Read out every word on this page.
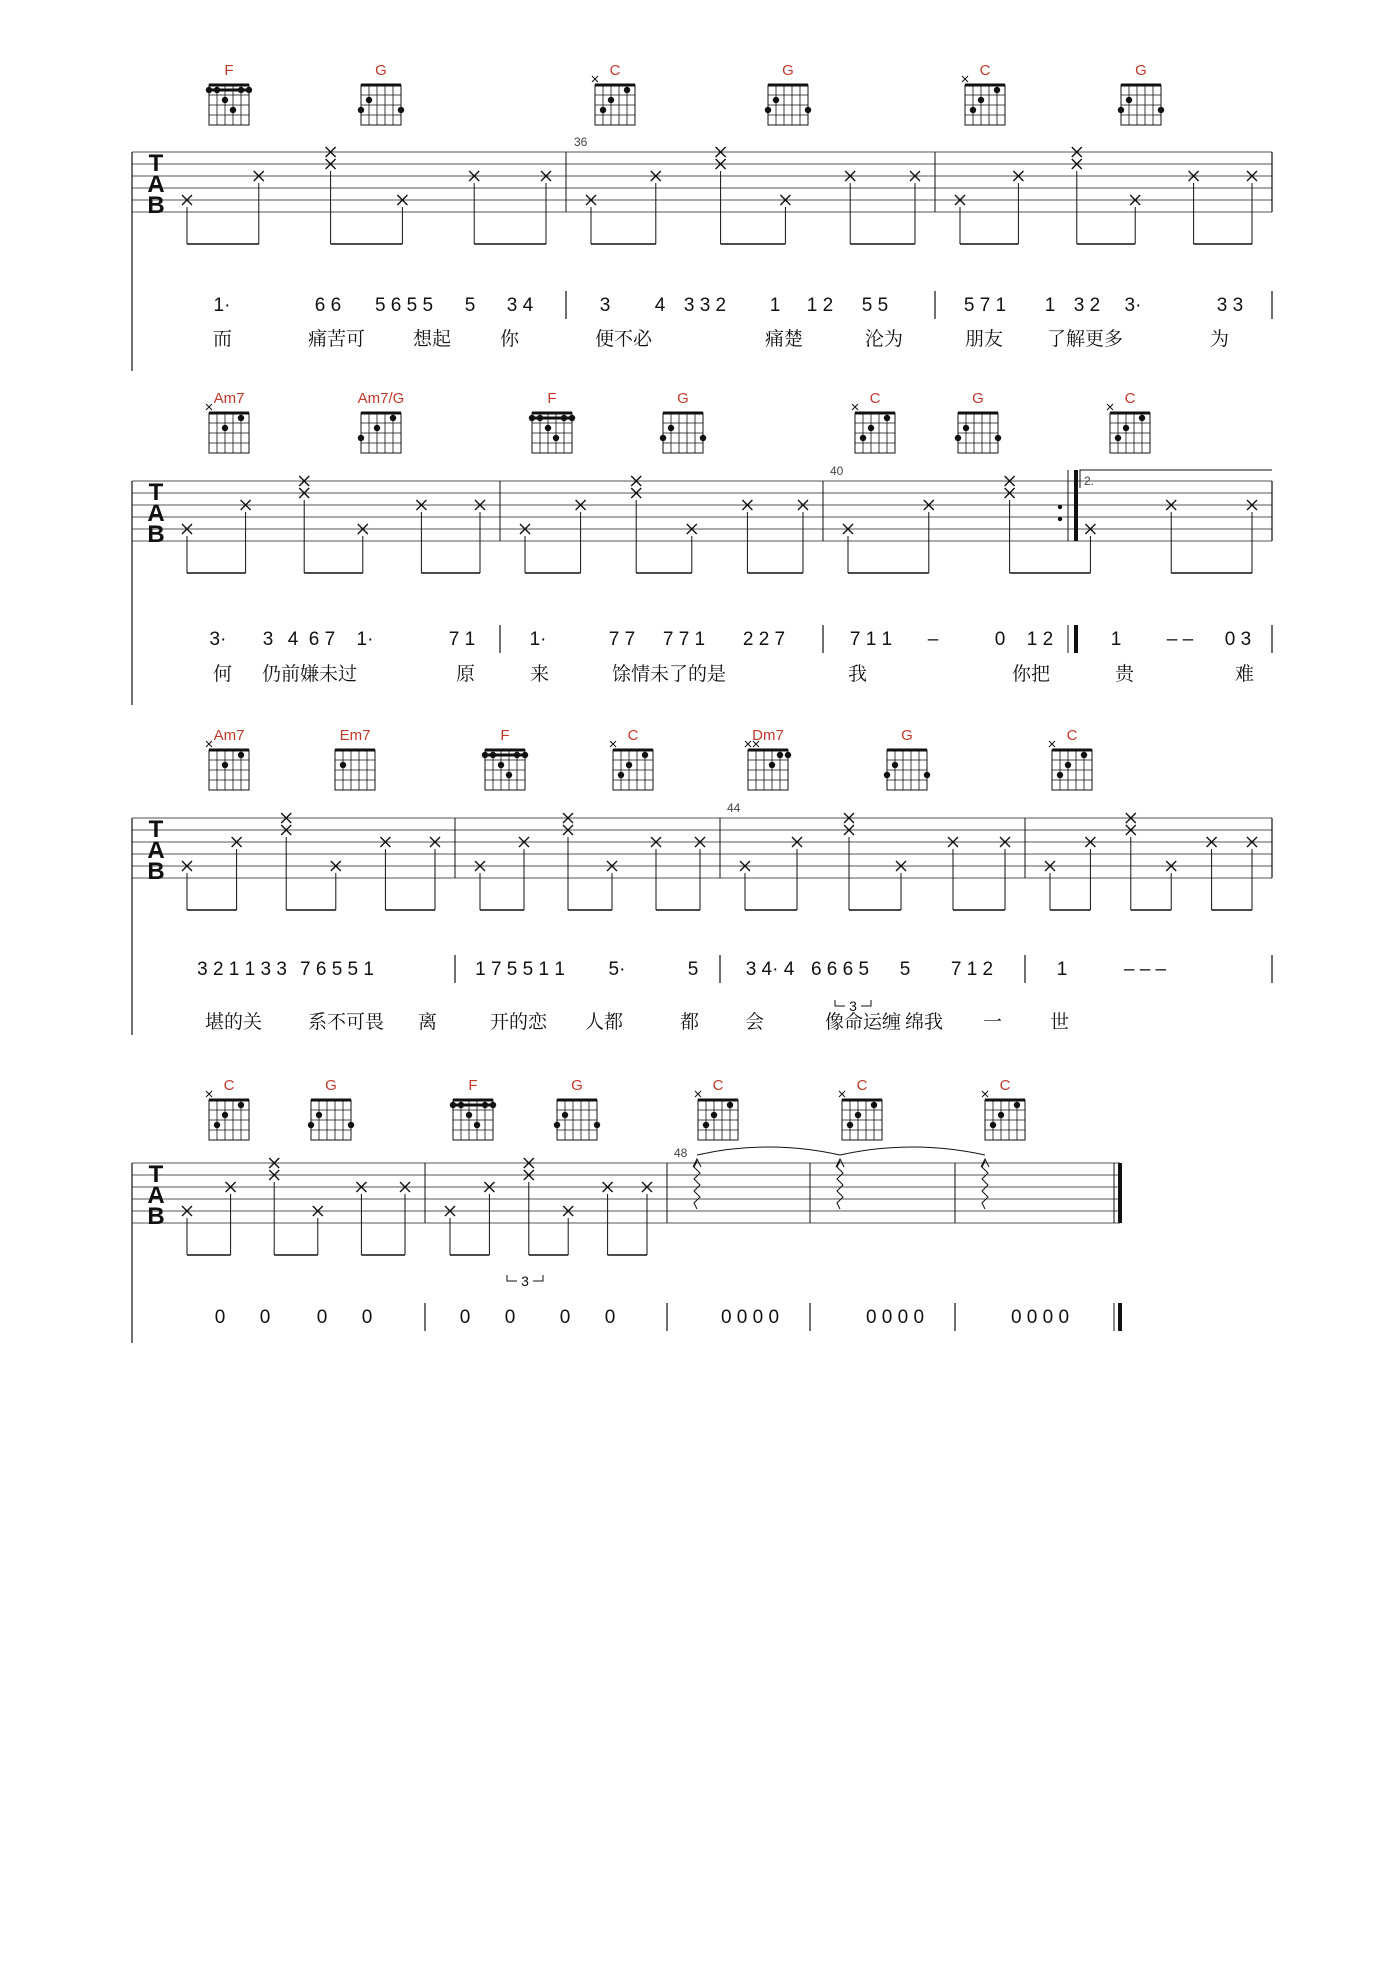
F	G	C	G	C	G
T
A
B
36
1·	6 6 5 6 5 5 5 3 4	3 4 3 3 2 1 1 2 5 5	5 7 1 1 3 2 3·	3 3
而	痛苦可	想起	你	便不必	痛楚	沦为	朋友 了解更多	为
Am7	Am7/G	F	G	C	G	C
T
A
B
40
2.
3· 3 4 6 7 1·	7 1	1·	7 7 7 7 1 2 2 7	7 1 1 –	0 1 2	1 – – 0 3
何 仍前嫌未过	原	来	馀情未了的是	我	你把	贵	难
Am7	Em7	F	C	Dm7	G	C
T
A
B
44
3 2 1 1 3 3 7 6 5 5 1	1 7 5 5 1 1 5·	5 3 4· 4 6 6 6 5 5 7 1 2	1	– – –
堪的关 系不可畏 离	开的恋 人都	都 会	像命运缠 绵我 一	世
3
C	G	F	G	C	C	C
T
A
B
48
0 0 0 0	0 0 0 0	0 0 0 0	0 0 0 0	0 0 0 0
3
